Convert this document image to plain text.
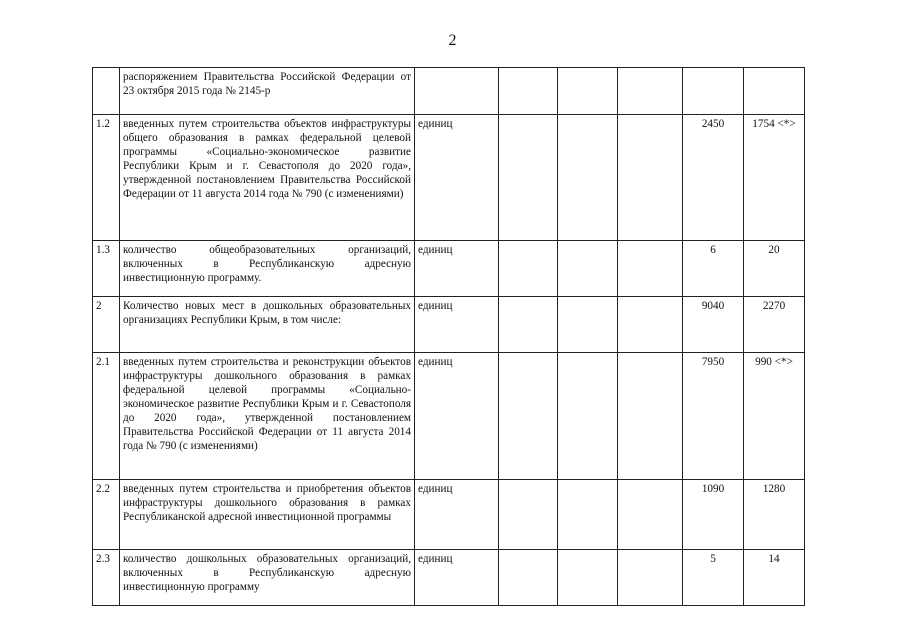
2
	распоряжением Правительства Российской Федерации от 23 октября 2015 года № 2145-р						
1.2	введенных путем строительства объектов инфраструктуры общего образования в рамках федеральной целевой программы «Социально-экономическое развитие Республики Крым и г. Севастополя до 2020 года», утвержденной постановлением Правительства Российской Федерации от 11 августа 2014 года № 790 (с изменениями)	единиц				2450	1754 <*>
1.3	количество общеобразовательных организаций, включенных в Республиканскую адресную инвестиционную программу.	единиц				6	20
2	Количество новых мест в дошкольных образовательных организациях Республики Крым, в том числе:	единиц				9040	2270
2.1	введенных путем строительства и реконструкции объектов инфраструктуры дошкольного образования в рамках федеральной целевой программы «Социально-экономическое развитие Республики Крым и г. Севастополя до 2020 года», утвержденной постановлением Правительства Российской Федерации от 11 августа 2014 года № 790 (с изменениями)	единиц				7950	990 <*>
2.2	введенных путем строительства и приобретения объектов инфраструктуры дошкольного образования в рамках Республиканской адресной инвестиционной программы	единиц				1090	1280
2.3	количество дошкольных образовательных организаций, включенных в Республиканскую адресную инвестиционную программу	единиц				5	14
